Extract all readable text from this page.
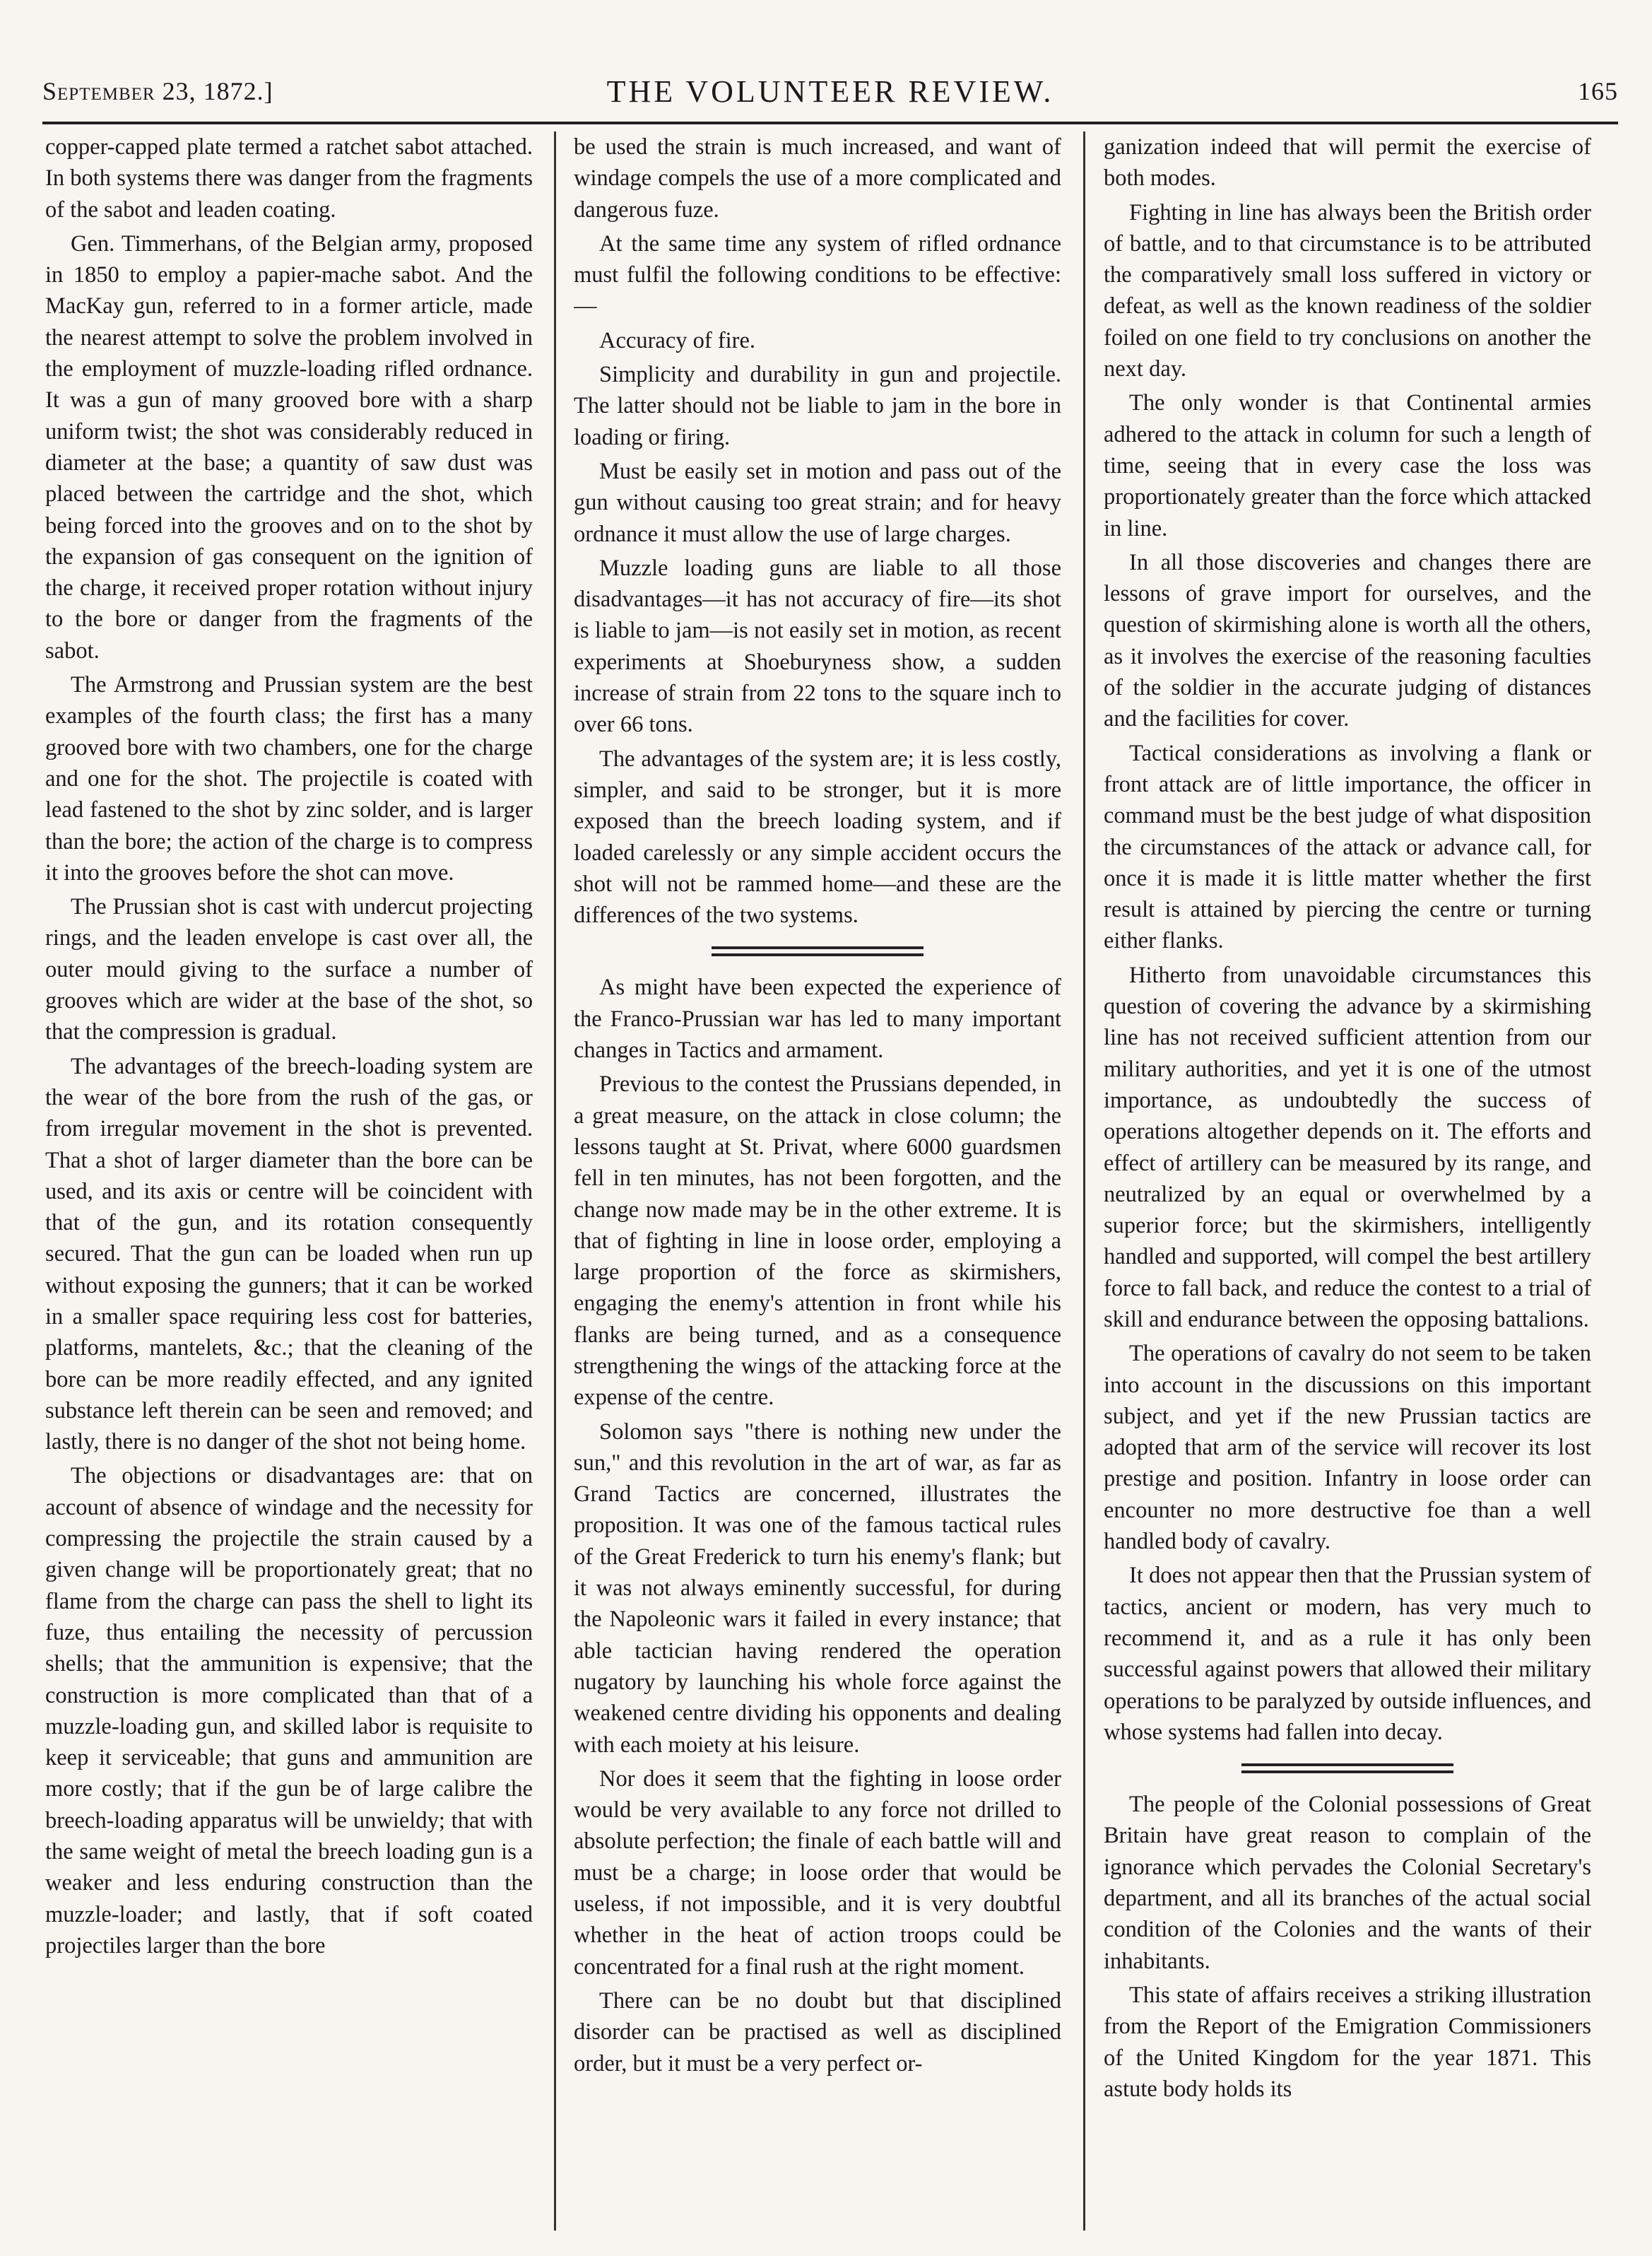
September 23, 1872.]	THE VOLUNTEER REVIEW.	165

copper-capped plate termed a ratchet sabot attached. In both systems there was danger from the fragments of the sabot and leaden coating.

Gen. Timmerhans, of the Belgian army, proposed in 1850 to employ a papier-mache sabot. And the MacKay gun, referred to in a former article, made the nearest attempt to solve the problem involved in the employment of muzzle-loading rifled ordnance. It was a gun of many grooved bore with a sharp uniform twist; the shot was considerably reduced in diameter at the base; a quantity of saw dust was placed between the cartridge and the shot, which being forced into the grooves and on to the shot by the expansion of gas consequent on the ignition of the charge, it received proper rotation without injury to the bore or danger from the fragments of the sabot.

The Armstrong and Prussian system are the best examples of the fourth class; the first has a many grooved bore with two chambers, one for the charge and one for the shot. The projectile is coated with lead fastened to the shot by zinc solder, and is larger than the bore; the action of the charge is to compress it into the grooves before the shot can move.

The Prussian shot is cast with undercut projecting rings, and the leaden envelope is cast over all, the outer mould giving to the surface a number of grooves which are wider at the base of the shot, so that the compression is gradual.

The advantages of the breech-loading system are the wear of the bore from the rush of the gas, or from irregular movement in the shot is prevented. That a shot of larger diameter than the bore can be used, and its axis or centre will be coincident with that of the gun, and its rotation consequently secured. That the gun can be loaded when run up without exposing the gunners; that it can be worked in a smaller space requiring less cost for batteries, platforms, mantelets, &c.; that the cleaning of the bore can be more readily effected, and any ignited substance left therein can be seen and removed; and lastly, there is no danger of the shot not being home.

The objections or disadvantages are: that on account of absence of windage and the necessity for compressing the projectile the strain caused by a given change will be proportionately great; that no flame from the charge can pass the shell to light its fuze, thus entailing the necessity of percussion shells; that the ammunition is expensive; that the construction is more complicated than that of a muzzle-loading gun, and skilled labor is requisite to keep it serviceable; that guns and ammunition are more costly; that if the gun be of large calibre the breech-loading apparatus will be unwieldy; that with the same weight of metal the breech loading gun is a weaker and less enduring construction than the muzzle-loader; and lastly, that if soft coated projectiles larger than the bore

be used the strain is much increased, and want of windage compels the use of a more complicated and dangerous fuze.

At the same time any system of rifled ordnance must fulfil the following conditions to be effective:—

Accuracy of fire.

Simplicity and durability in gun and projectile. The latter should not be liable to jam in the bore in loading or firing.

Must be easily set in motion and pass out of the gun without causing too great strain; and for heavy ordnance it must allow the use of large charges.

Muzzle loading guns are liable to all those disadvantages—it has not accuracy of fire—its shot is liable to jam—is not easily set in motion, as recent experiments at Shoeburyness show, a sudden increase of strain from 22 tons to the square inch to over 66 tons.

The advantages of the system are; it is less costly, simpler, and said to be stronger, but it is more exposed than the breech loading system, and if loaded carelessly or any simple accident occurs the shot will not be rammed home—and these are the differences of the two systems.

As might have been expected the experience of the Franco-Prussian war has led to many important changes in Tactics and armament.

Previous to the contest the Prussians depended, in a great measure, on the attack in close column; the lessons taught at St. Privat, where 6000 guardsmen fell in ten minutes, has not been forgotten, and the change now made may be in the other extreme. It is that of fighting in line in loose order, employing a large proportion of the force as skirmishers, engaging the enemy's attention in front while his flanks are being turned, and as a consequence strengthening the wings of the attacking force at the expense of the centre.

Solomon says "there is nothing new under the sun," and this revolution in the art of war, as far as Grand Tactics are concerned, illustrates the proposition. It was one of the famous tactical rules of the Great Frederick to turn his enemy's flank; but it was not always eminently successful, for during the Napoleonic wars it failed in every instance; that able tactician having rendered the operation nugatory by launching his whole force against the weakened centre dividing his opponents and dealing with each moiety at his leisure.

Nor does it seem that the fighting in loose order would be very available to any force not drilled to absolute perfection; the finale of each battle will and must be a charge; in loose order that would be useless, if not impossible, and it is very doubtful whether in the heat of action troops could be concentrated for a final rush at the right moment.

There can be no doubt but that disciplined disorder can be practised as well as disciplined order, but it must be a very perfect or-

ganization indeed that will permit the exercise of both modes.

Fighting in line has always been the British order of battle, and to that circumstance is to be attributed the comparatively small loss suffered in victory or defeat, as well as the known readiness of the soldier foiled on one field to try conclusions on another the next day.

The only wonder is that Continental armies adhered to the attack in column for such a length of time, seeing that in every case the loss was proportionately greater than the force which attacked in line.

In all those discoveries and changes there are lessons of grave import for ourselves, and the question of skirmishing alone is worth all the others, as it involves the exercise of the reasoning faculties of the soldier in the accurate judging of distances and the facilities for cover.

Tactical considerations as involving a flank or front attack are of little importance, the officer in command must be the best judge of what disposition the circumstances of the attack or advance call, for once it is made it is little matter whether the first result is attained by piercing the centre or turning either flanks.

Hitherto from unavoidable circumstances this question of covering the advance by a skirmishing line has not received sufficient attention from our military authorities, and yet it is one of the utmost importance, as undoubtedly the success of operations altogether depends on it. The efforts and effect of artillery can be measured by its range, and neutralized by an equal or overwhelmed by a superior force; but the skirmishers, intelligently handled and supported, will compel the best artillery force to fall back, and reduce the contest to a trial of skill and endurance between the opposing battalions.

The operations of cavalry do not seem to be taken into account in the discussions on this important subject, and yet if the new Prussian tactics are adopted that arm of the service will recover its lost prestige and position. Infantry in loose order can encounter no more destructive foe than a well handled body of cavalry.

It does not appear then that the Prussian system of tactics, ancient or modern, has very much to recommend it, and as a rule it has only been successful against powers that allowed their military operations to be paralyzed by outside influences, and whose systems had fallen into decay.

The people of the Colonial possessions of Great Britain have great reason to complain of the ignorance which pervades the Colonial Secretary's department, and all its branches of the actual social condition of the Colonies and the wants of their inhabitants.

This state of affairs receives a striking illustration from the Report of the Emigration Commissioners of the United Kingdom for the year 1871. This astute body holds its
